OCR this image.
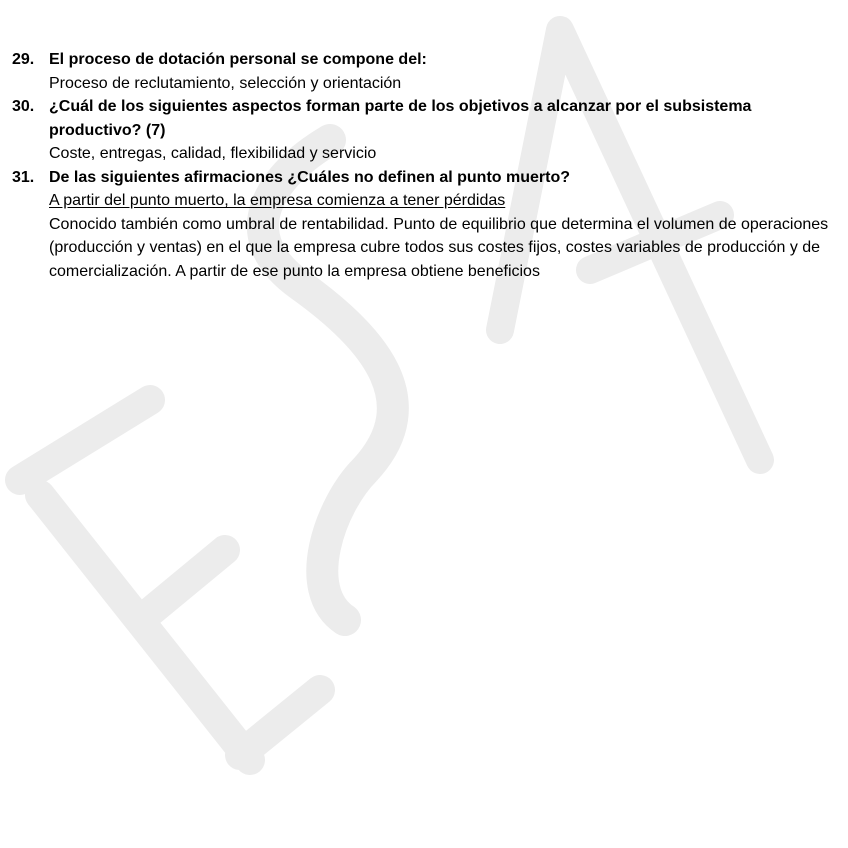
29. El proceso de dotación personal se compone del:
Proceso de reclutamiento, selección y orientación
30. ¿Cuál de los siguientes aspectos forman parte de los objetivos a alcanzar por el subsistema productivo? (7)
Coste, entregas, calidad, flexibilidad y servicio
31. De las siguientes afirmaciones ¿Cuáles no definen al punto muerto?
A partir del punto muerto, la empresa comienza a tener pérdidas
Conocido también como umbral de rentabilidad. Punto de equilibrio que determina el volumen de operaciones (producción y ventas) en el que la empresa cubre todos sus costes fijos, costes variables de producción y de comercialización. A partir de ese punto la empresa obtiene beneficios
